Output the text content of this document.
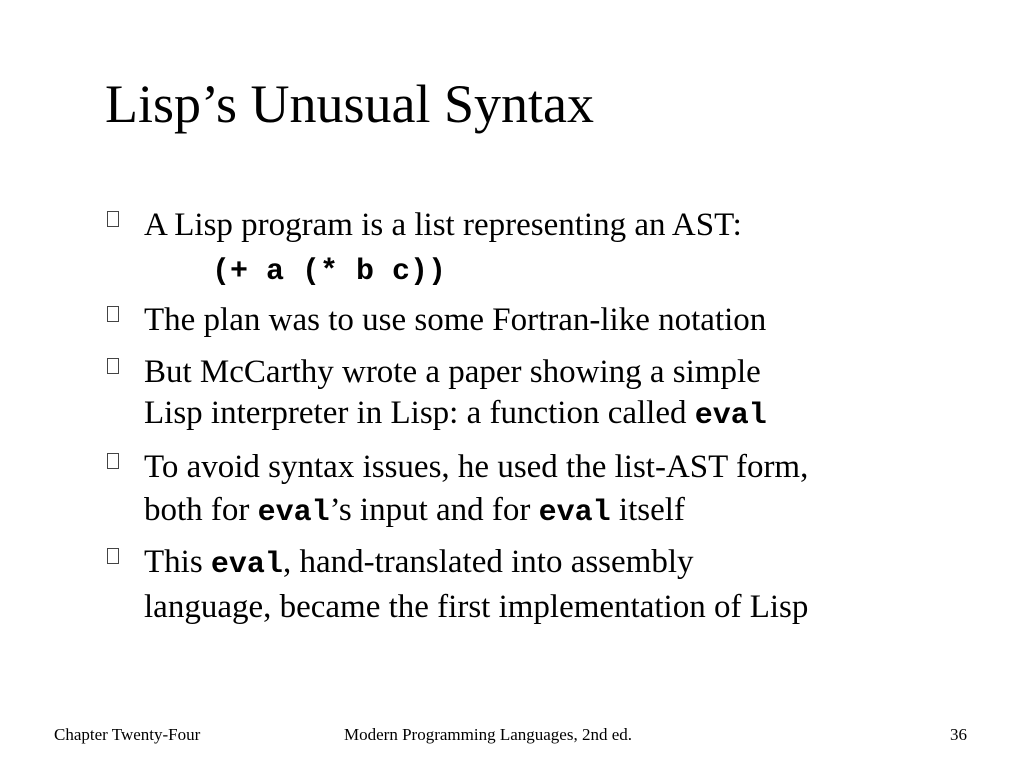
Lisp’s Unusual Syntax
A Lisp program is a list representing an AST:
(+ a (* b c))
The plan was to use some Fortran-like notation
But McCarthy wrote a paper showing a simple
Lisp interpreter in Lisp: a function called eval
To avoid syntax issues, he used the list-AST form,
both for eval’s input and for eval itself
This eval, hand-translated into assembly
language, became the first implementation of Lisp
Chapter Twenty-Four	Modern Programming Languages, 2nd ed.	36
